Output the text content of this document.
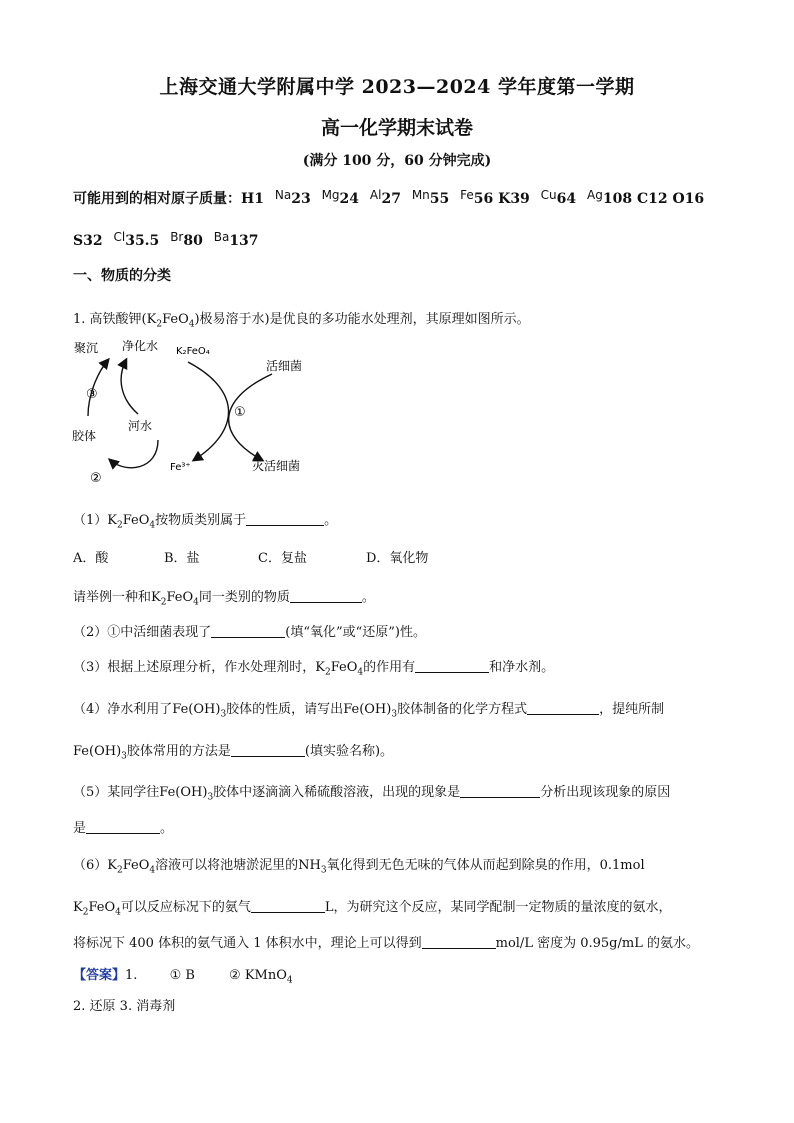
上海交通大学附属中学 2023—2024 学年度第一学期
高一化学期末试卷
(满分 100 分，60 分钟完成)
可能用到的相对原子质量：H1 Na23 Mg24 Al27 Mn55 Fe56 K39 Cu64 Ag108 C12 O16
S32 Cl35.5 Br80 Ba137
一、物质的分类
1. 高铁酸钾$(K_2FeO_4)$极易溶于水)是优良的多功能水处理剂，其原理如图所示。
聚沉 净化水 K₂FeO₄
活细菌
胶体
河水
Fe³⁺	灭活细菌
③
①
②
$(1)K_2FeO_4$按物质类别属于	。
A．酸	B．盐	C．复盐	D．氧化物
请举例一种和$K_2FeO_4$同一类别的物质	。
（2）①中活细菌表现了	(填“氧化”或“还原”)性。
（3）根据上述原理分析，作水处理剂时，$K_2FeO_4$的作用有	和净水剂。
（4）净水利用了$Fe(OH)_3$胶体的性质，请写出$Fe(OH)_3$胶体制备的化学方程式	，提纯所制
$Fe(OH)_3$胶体常用的方法是	(填实验名称)。
（5）某同学往$Fe(OH)_3$胶体中逐滴滴入稀硫酸溶液，出现的现象是	分析出现该现象的原因
是	。
$(6)K_2FeO_4$溶液可以将池塘淤泥里的$NH_3$氧化得到无色无味的气体从而起到除臭的作用，0.1mol
$K_2FeO_4$可以反应标况下的氨气	L，为研究这个反应，某同学配制一定物质的量浓度的氨水，
将标况下 400 体积的氨气通入 1 体积水中，理论上可以得到	mol/L 密度为 0.95g/mL 的氨水。
【答案】1. ① B	② KMnO$_4$
2. 还原 3. 消毒剂
